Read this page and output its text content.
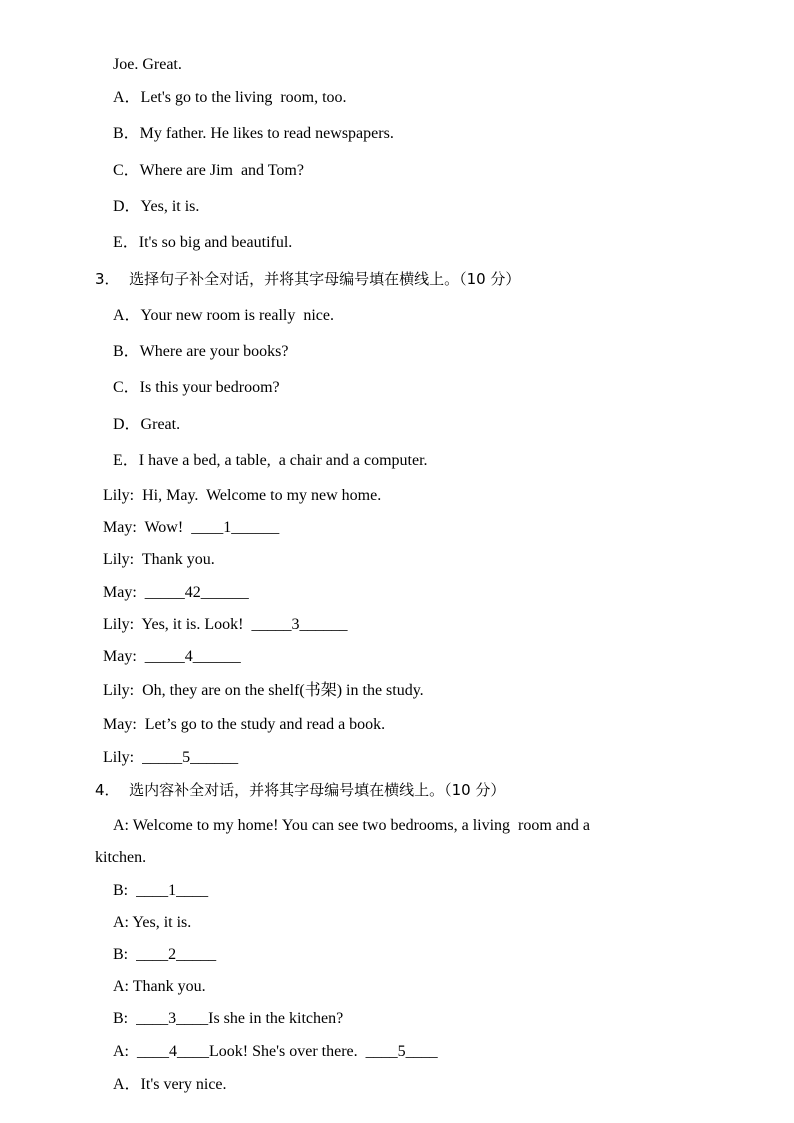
Joe. Great.
A．Let's go to the living  room, too.
B．My father. He likes to read newspapers.
C．Where are Jim  and Tom?
D．Yes, it is.
E．It's so big and beautiful.
3．  选择句子补全对话，并将其字母编号填在横线上。（10 分）
A．Your new room is really  nice.
B．Where are your books?
C．Is this your bedroom?
D．Great.
E．I have a bed, a table,  a chair and a computer.
Lily:  Hi, May.  Welcome to my new home.
May:  Wow!  ____1______
Lily:  Thank you.
May:  _____42______
Lily:  Yes, it is. Look!  _____3______
May:  _____4______
Lily:  Oh, they are on the shelf(书架) in the study.
May:  Let’s go to the study and read a book.
Lily:  _____5______
4．  选内容补全对话，并将其字母编号填在横线上。（10 分）
A: Welcome to my home! You can see two bedrooms, a living  room and a
kitchen.
B:  ____1____
A: Yes, it is.
B:  ____2_____
A: Thank you.
B:  ____3____Is she in the kitchen?
A:  ____4____Look! She's over there.  ____5____
A．It's very nice.
